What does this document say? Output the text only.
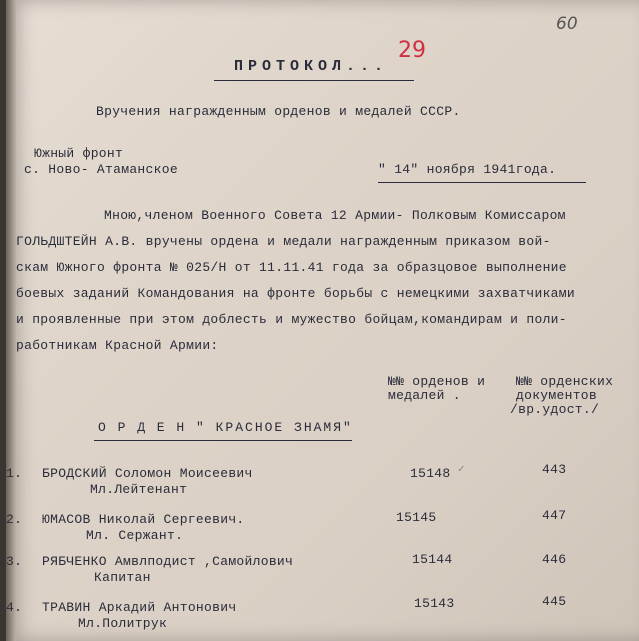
60
ПРОТОКОЛ...
29
Вручения награжденным орденов и медалей СССР.
Южный фронт
с. Ново- Атаманское	" 14" ноября 1941года.
Мною,членом Военного Совета 12 Армии- Полковым Комиссаром
ГОЛЬДШТЕЙН А.В. вручены ордена и медали награжденным приказом вой-
скам Южного фронта № 025/Н от 11.11.41 года за образцовое выполнение
боевых заданий Командования на фронте борьбы с немецкими захватчиками
и проявленные при этом доблесть и мужество бойцам,командирам и поли-
работникам Красной Армии:
№№ орденов и
медалей .
№№ орденских
документов
/вр.удост./
О Р Д Е Н " КРАСНОЕ ЗНАМЯ"
1. БРОДСКИЙ Соломон Моисеевич
Мл.Лейтенант
15148 ✓	443
2. ЮМАСОВ Николай Сергеевич.
Мл. Сержант.
15145	447
3. РЯБЧЕНКО Амвлподист ,Самойлович
Капитан
15144	446
4. ТРАВИН Аркадий Антонович
Мл.Политрук
15143	445
